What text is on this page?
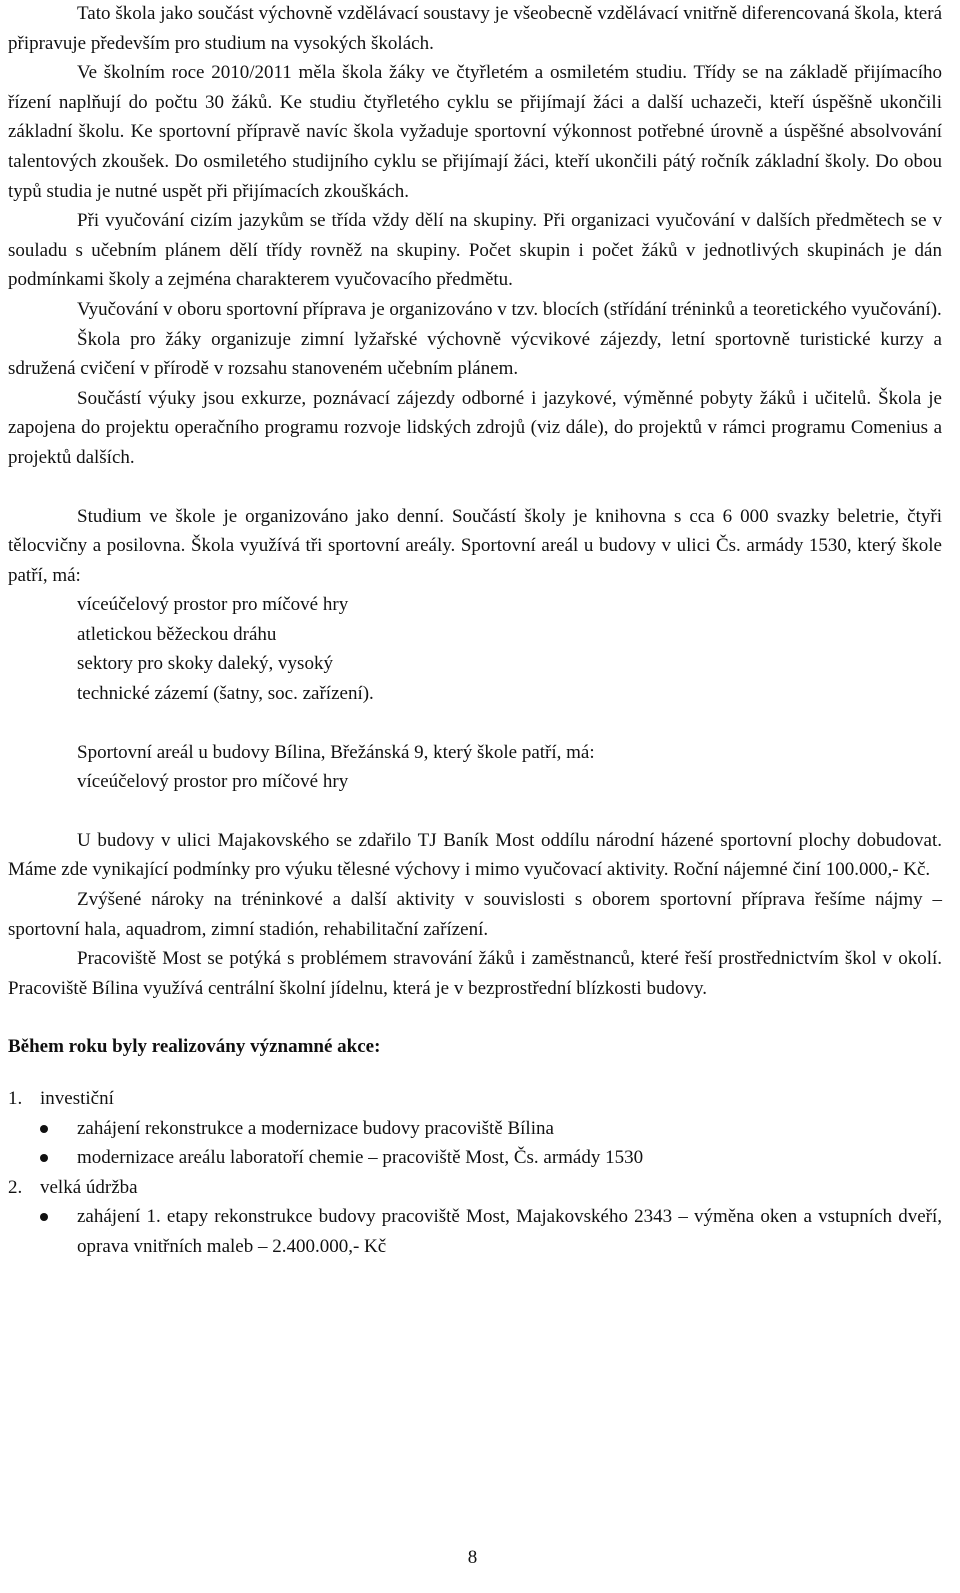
Tato škola jako součást výchovně vzdělávací soustavy je všeobecně vzdělávací vnitřně diferencovaná škola, která připravuje především pro studium na vysokých školách.

Ve školním roce 2010/2011 měla škola žáky ve čtyřletém a osmiletém studiu. Třídy se na základě přijímacího řízení naplňují do počtu 30 žáků. Ke studiu čtyřletého cyklu se přijímají žáci a další uchazeči, kteří úspěšně ukončili základní školu. Ke sportovní přípravě navíc škola vyžaduje sportovní výkonnost potřebné úrovně a úspěšné absolvování talentových zkoušek. Do osmiletého studijního cyklu se přijímají žáci, kteří ukončili pátý ročník základní školy. Do obou typů studia je nutné uspět při přijímacích zkouškách.

Při vyučování cizím jazykům se třída vždy dělí na skupiny. Při organizaci vyučování v dalších předmětech se v souladu s učebním plánem dělí třídy rovněž na skupiny. Počet skupin i počet žáků v jednotlivých skupinách je dán podmínkami školy a zejména charakterem vyučovacího předmětu.

Vyučování v oboru sportovní příprava je organizováno v tzv. blocích (střídání tréninků a teoretického vyučování).

Škola pro žáky organizuje zimní lyžařské výchovně výcvikové zájezdy, letní sportovně turistické kurzy a sdružená cvičení v přírodě v rozsahu stanoveném učebním plánem.

Součástí výuky jsou exkurze, poznávací zájezdy odborné i jazykové, výměnné pobyty žáků i učitelů. Škola je zapojena do projektu operačního programu rozvoje lidských zdrojů (viz dále), do projektů v rámci programu Comenius a projektů dalších.

Studium ve škole je organizováno jako denní. Součástí školy je knihovna s cca 6 000 svazky beletrie, čtyři tělocvičny a posilovna. Škola využívá tři sportovní areály. Sportovní areál u budovy v ulici Čs. armády 1530, který škole patří, má:

víceúčelový prostor pro míčové hry
atletickou běžeckou dráhu
sektory pro skoky daleký, vysoký
technické zázemí (šatny, soc. zařízení).
Sportovní areál u budovy Bílina, Břežánská 9, který škole patří, má:
víceúčelový prostor pro míčové hry

U budovy v ulici Majakovského se zdařilo TJ Baník Most oddílu národní házené sportovní plochy dobudovat. Máme zde vynikající podmínky pro výuku tělesné výchovy i mimo vyučovací aktivity. Roční nájemné činí 100.000,- Kč.

Zvýšené nároky na tréninkové a další aktivity v souvislosti s oborem sportovní příprava řešíme nájmy – sportovní hala, aquadrom, zimní stadión, rehabilitační zařízení.

Pracoviště Most se potýká s problémem stravování žáků i zaměstnanců, které řeší prostřednictvím škol v okolí. Pracoviště Bílina využívá centrální školní jídelnu, která je v bezprostřední blízkosti budovy.

Během roku byly realizovány významné akce:
1. investiční
zahájení rekonstrukce a modernizace budovy pracoviště Bílina
modernizace areálu laboratoří chemie – pracoviště Most, Čs. armády 1530
2. velká údržba
zahájení 1. etapy rekonstrukce budovy pracoviště Most, Majakovského 2343 – výměna oken a vstupních dveří, oprava vnitřních maleb – 2.400.000,- Kč
8
